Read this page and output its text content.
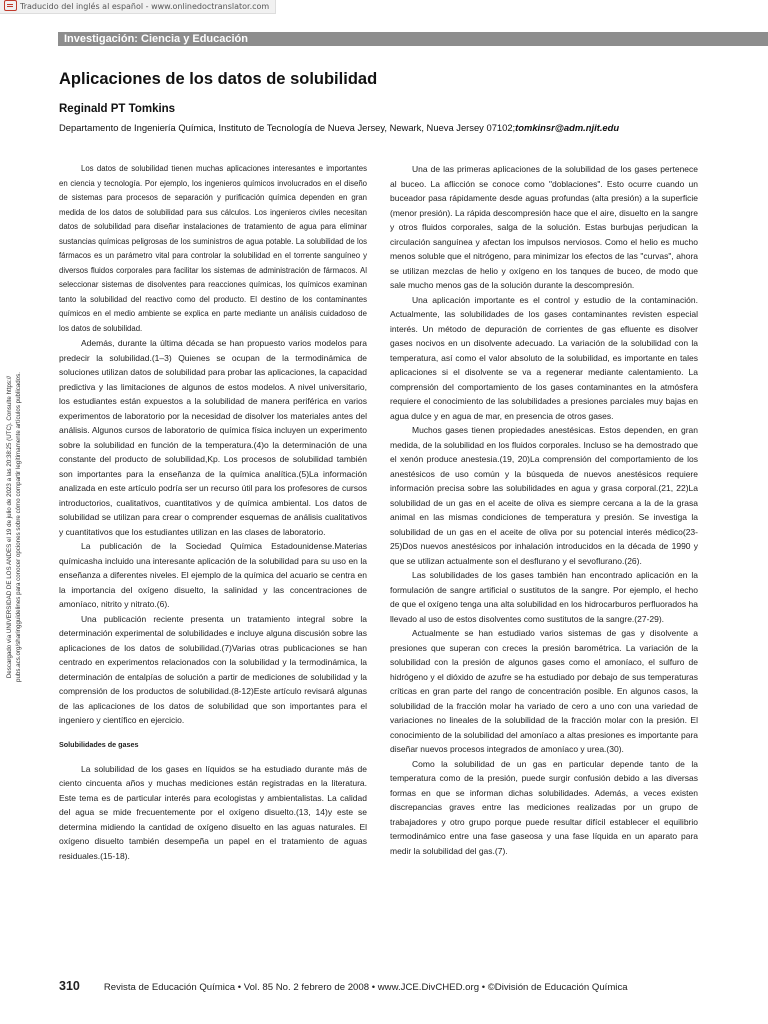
Traducido del inglés al español - www.onlinedoctranslator.com
Investigación: Ciencia y Educación
Aplicaciones de los datos de solubilidad

Reginald PT Tomkins

Departamento de Ingeniería Química, Instituto de Tecnología de Nueva Jersey, Newark, Nueva Jersey 07102;tomkinsr@adm.njit.edu

Descargado vía UNIVERSIDAD DE LOS ANDES el 19 de julio de 2023 a las 20:38:25 (UTC). Consulte https:// pubs.acs.org/sharingguidelines para conocer opciones sobre cómo compartir legítimamente artículos publicados.

Los datos de solubilidad tienen muchas aplicaciones interesantes e importantes en ciencia y tecnología. Por ejemplo, los ingenieros químicos involucrados en el diseño de sistemas para procesos de separación y purificación química dependen en gran medida de los datos de solubilidad para sus cálculos. Los ingenieros civiles necesitan datos de solubilidad para diseñar instalaciones de tratamiento de agua para eliminar sustancias químicas peligrosas de los suministros de agua potable. La solubilidad de los fármacos es un parámetro vital para controlar la solubilidad en el torrente sanguíneo y diversos fluidos corporales para facilitar los sistemas de administración de fármacos. Al seleccionar sistemas de disolventes para reacciones químicas, los químicos examinan tanto la solubilidad del reactivo como del producto. El destino de los contaminantes químicos en el medio ambiente se explica en parte mediante un análisis cuidadoso de los datos de solubilidad.

Además, durante la última década se han propuesto varios modelos para predecir la solubilidad.(1–3) Quienes se ocupan de la termodinámica de soluciones utilizan datos de solubilidad para probar las aplicaciones, la capacidad predictiva y las limitaciones de algunos de estos modelos. A nivel universitario, los estudiantes están expuestos a la solubilidad de manera periférica en varios experimentos de laboratorio por la necesidad de disolver los materiales antes del análisis. Algunos cursos de laboratorio de química física incluyen un experimento sobre la solubilidad en función de la temperatura.(4)o la determinación de una constante del producto de solubilidad,Kp. Los procesos de solubilidad también son importantes para la enseñanza de la química analítica.(5)La información analizada en este artículo podría ser un recurso útil para los profesores de cursos introductorios, cualitativos, cuantitativos y de química ambiental. Los datos de solubilidad se utilizan para crear o comprender esquemas de análisis cualitativos y cuantitativos que los estudiantes utilizan en las clases de laboratorio.

La publicación de la Sociedad Química Estadounidense.Materias químicasha incluido una interesante aplicación de la solubilidad para su uso en la enseñanza a diferentes niveles. El ejemplo de la química del acuario se centra en la importancia del oxígeno disuelto, la salinidad y las concentraciones de amoníaco, nitrito y nitrato.(6).

Una publicación reciente presenta un tratamiento integral sobre la determinación experimental de solubilidades e incluye alguna discusión sobre las aplicaciones de los datos de solubilidad.(7)Varias otras publicaciones se han centrado en experimentos relacionados con la solubilidad y la termodinámica, la determinación de entalpías de solución a partir de mediciones de solubilidad y la comprensión de los productos de solubilidad.(8-12)Este artículo revisará algunas de las aplicaciones de los datos de solubilidad que son importantes para el ingeniero y científico en ejercicio.

Solubilidades de gases

La solubilidad de los gases en líquidos se ha estudiado durante más de ciento cincuenta años y muchas mediciones están registradas en la literatura. Este tema es de particular interés para ecologistas y ambientalistas. La calidad del agua se mide frecuentemente por el oxígeno disuelto.(13, 14)y este se determina midiendo la cantidad de oxígeno disuelto en las aguas naturales. El oxígeno disuelto también desempeña un papel en el tratamiento de aguas residuales.(15-18).

Una de las primeras aplicaciones de la solubilidad de los gases pertenece al buceo. La aflicción se conoce como "doblaciones". Esto ocurre cuando un buceador pasa rápidamente desde aguas profundas (alta presión) a la superficie (menor presión). La rápida descompresión hace que el aire, disuelto en la sangre y otros fluidos corporales, salga de la solución. Estas burbujas perjudican la circulación sanguínea y afectan los impulsos nerviosos. Como el helio es mucho menos soluble que el nitrógeno, para minimizar los efectos de las "curvas", ahora se utilizan mezclas de helio y oxígeno en los tanques de buceo, de modo que sale mucho menos gas de la solución durante la descompresión.

Una aplicación importante es el control y estudio de la contaminación. Actualmente, las solubilidades de los gases contaminantes revisten especial interés. Un método de depuración de corrientes de gas efluente es disolver gases nocivos en un disolvente adecuado. La variación de la solubilidad con la temperatura, así como el valor absoluto de la solubilidad, es importante en tales aplicaciones si el disolvente se va a regenerar mediante calentamiento. La comprensión del comportamiento de los gases contaminantes en la atmósfera requiere el conocimiento de las solubilidades a presiones parciales muy bajas en agua dulce y en agua de mar, en presencia de otros gases.

Muchos gases tienen propiedades anestésicas. Estos dependen, en gran medida, de la solubilidad en los fluidos corporales. Incluso se ha demostrado que el xenón produce anestesia.(19, 20)La comprensión del comportamiento de los anestésicos de uso común y la búsqueda de nuevos anestésicos requiere información precisa sobre las solubilidades en agua y grasa corporal.(21, 22)La solubilidad de un gas en el aceite de oliva es siempre cercana a la de la grasa animal en las mismas condiciones de temperatura y presión. Se investiga la solubilidad de un gas en el aceite de oliva por su potencial interés médico(23-25)Dos nuevos anestésicos por inhalación introducidos en la década de 1990 y que se utilizan actualmente son el desflurano y el sevoflurano.(26).

Las solubilidades de los gases también han encontrado aplicación en la formulación de sangre artificial o sustitutos de la sangre. Por ejemplo, el hecho de que el oxígeno tenga una alta solubilidad en los hidrocarburos perfluorados ha llevado al uso de estos disolventes como sustitutos de la sangre.(27-29).

Actualmente se han estudiado varios sistemas de gas y disolvente a presiones que superan con creces la presión barométrica. La variación de la solubilidad con la presión de algunos gases como el amoníaco, el sulfuro de hidrógeno y el dióxido de azufre se ha estudiado por debajo de sus temperaturas críticas en gran parte del rango de concentración posible. En algunos casos, la solubilidad de la fracción molar ha variado de cero a uno con una variedad de variaciones no lineales de la solubilidad de la fracción molar con la presión. El conocimiento de la solubilidad del amoníaco a altas presiones es importante para diseñar nuevos procesos integrados de amoníaco y urea.(30).

Como la solubilidad de un gas en particular depende tanto de la temperatura como de la presión, puede surgir confusión debido a las diversas formas en que se informan dichas solubilidades. Además, a veces existen discrepancias graves entre las mediciones realizadas por un grupo de trabajadores y otro grupo porque puede resultar difícil establecer el equilibrio termodinámico entre una fase gaseosa y una fase líquida en un aparato para medir la solubilidad del gas.(7).

310	Revista de Educación Química • Vol. 85 No. 2 febrero de 2008 • www.JCE.DivCHED.org • ©División de Educación Química
